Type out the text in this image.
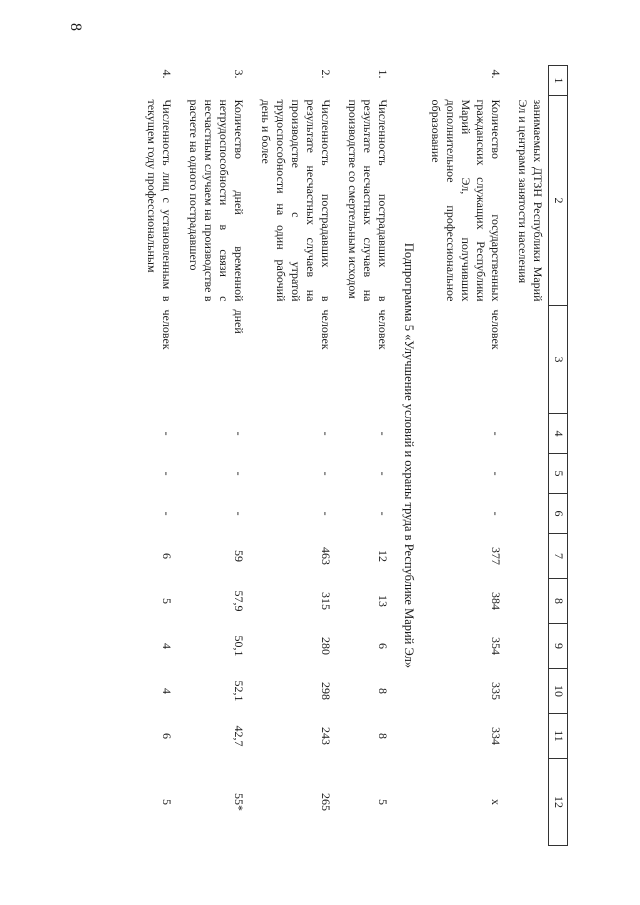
8
1	2	3	4	5	6	7	8	9	10	11	12
	занимаемых ДТЗН Республики Марий Эл и центрами занятости населения										
4.	Количество государственных гражданских служащих Республики Марий Эл, получивших дополнительное профессиональное образование	человек	-	-	-	377	384	354	335	334	х
Подпрограмма 5 «Улучшение условий и охраны труда в Республике Марий Эл»											
1.	Численность пострадавших в результате несчастных случаев на производстве со смертельным исходом	человек	-	-	-	12	13	6	8	8	5
2.	Численность пострадавших в результате несчастных случаев на производстве с утратой трудоспособности на один рабочий день и более	человек	-	-	-	463	315	280	298	243	265
3.	Количество дней временной нетрудоспособности в связи с несчастным случаем на производстве в расчете на одного пострадавшего	дней	-	-	-	59	57,9	50,1	52,1	42,7	55*
4.	Численность лиц с установленным в текущем году профессиональным	человек	-	-	-	6	5	4	4	6	5
